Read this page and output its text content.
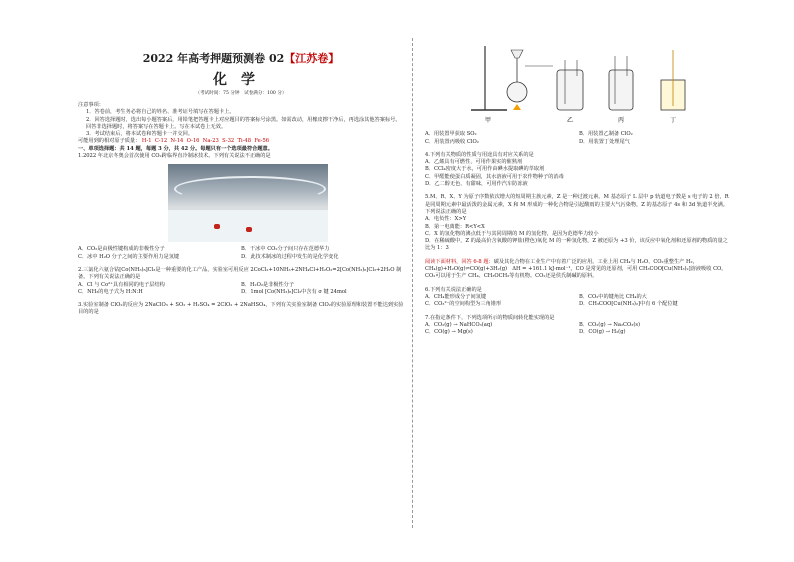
2022 年高考押题预测卷 02【江苏卷】
化学
（考试时间：75 分钟　试卷满分：100 分）

注意事项：

1．答卷前，考生务必将自己的姓名、准考证号填写在答题卡上。

2．回答选择题时，选出每小题答案后，用铅笔把答题卡上对应题目的答案标号涂黑。如需改动，用橡皮擦干净后，再选涂其他答案标号。回答非选择题时，将答案写在答题卡上。写在本试卷上无效。

3．考试结束后，将本试卷和答题卡一并交回。

可能用到的相对原子质量： H-1 C-12 N-14 O-16 Na-23 S-32 Ti-48 Fe-56

一、单项选择题：共 14 题，每题 3 分，共 42 分。每题只有一个选项最符合题意。

1.2022 年北京冬奥会首次使用 CO₂跨临界直冷制冰技术。下列有关说法不正确的是

A．CO₂是由极性键构成的非极性分子	B．干冰中 CO₂分子间只存在范德华力
C．冰中 H₂O 分子之间的主要作用力是氢键	D．此技术制冰的过程中发生的是化学变化

2.三氯化六氨合钴[Co(NH₃)₆]Cl₃是一种重要的化工产品，实验室可用反应 2CoCl₂+10NH₃+2NH₄Cl+H₂O₂=2[Co(NH₃)₆]Cl₃+2H₂O 制备。下列有关说法正确的是

A．Cl 与 Co²⁺具有相同的电子层结构	B．H₂O₂是非极性分子
C．NH₃的电子式为 H:N:H	D．1mol [Co(NH₃)₆]Cl₃中含有 σ 键 24mol

3.实验室制备 ClO₂的反应为 2NaClO₃ + SO₂ + H₂SO₄ = 2ClO₂ + 2NaHSO₄，下列有关实验室制备 ClO₂的实验原理和装置不能达到实验目的的是

甲	乙	丙	丁
A．用装置甲获取 SO₂	B．用装置乙制备 ClO₂
C．用装置丙吸收 ClO₂	D．用装置丁处理尾气

4.下列有关物质的性质与用途具有对应关系的是

A．乙烯具有可燃性，可用作果实的催熟剂
B．CCl₄密度大于水，可用作由碘水提取碘的萃取剂
C．甲醛能使蛋白质凝固，其水溶液可用于农作物种子的消毒
D．乙二醇无色、有甜味，可用作汽车防冻液

5.M、R、X、Y 为原子序数依次增大的短周期主族元素，Z 是一种过渡元素。M 基态原子 L 层中 p 轨道电子数是 s 电子的 2 倍，R 是同周期元素中最活泼的金属元素，X 和 M 形成的一种化合物是引起酸雨的主要大气污染物，Z 的基态原子 4s 和 3d 轨道半充满。下列说法正确的是

A．电负性：X>Y
B．第一电离能：R<Y<X
C．X 的氢化物的沸点低于与其同周期的 M 的氢化物，是因为范德华力较小
D．在稀硫酸中，Z 的最高价含氧酸的钾盐(橙色)氧化 M 的一种氢化物，Z 被还原为 +3 价，该反应中氧化剂和还原剂的物质的量之比为 1：3

阅读下面材料，回答 6-8 题：碳及其化合物在工业生产中有着广泛的应用。工业上用 CH₄与 H₂O、CO₂重整生产 H₂，CH₄(g)+H₂O(g)⇌CO(g)+3H₂(g)　ΔH = +161.1 kJ·mol⁻¹，CO 是常见的还原剂，可用 CH₃COO[Cu(NH₃)₂]溶液吸收 CO。CO₂可以用于生产 CH₄、CH₃OCH₃等有机物。CO₂还是侯氏制碱的原料。

6.下列有关说法正确的是

A．CH₄能形成分子间氢键	B．CO₂中的键角比 CH₄的大
C．CO₃²⁻的空间构型为三角锥形	D．CH₃COO[Cu(NH₃)₂]中有 6 个配位键

7.在指定条件下，下列选项所示的物质间转化能实现的是

A．CO₂(g) → NaHCO₃(aq)	B．CO₂(g) → Na₂CO₃(s)
C．CO(g) → Mg(s)	D．CO(g) → H₂(g)
